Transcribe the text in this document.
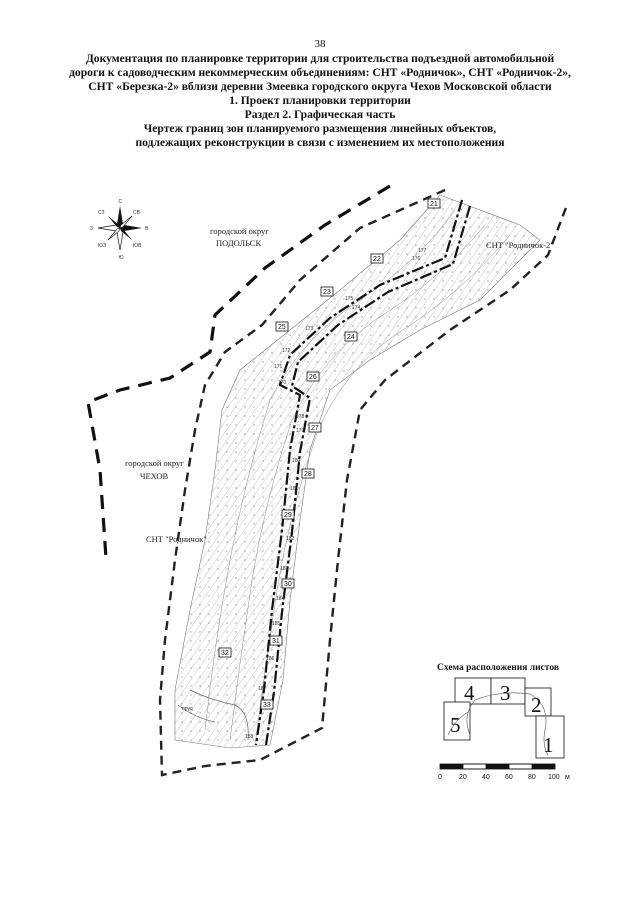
38
Документация по планировке территории для строительства подъездной автомобильной
дороги к садоводческим некоммерческим объединениям: СНТ «Родничок», СНТ «Родничок-2»,
СНТ «Березка-2» вблизи деревни Змеевка городского округа Чехов Московской области
1. Проект планировки территории
Раздел 2. Графическая часть
Чертеж границ зон планируемого размещения линейных объектов,
подлежащих реконструкции в связи с изменением их местоположения
21
22
23
24
25
26
27
28
29
30
31
32
33
177
176
175
174
173
172
171
170
178
179
180
181
182
183
184
185
186
187
188
городской округ
ПОДОЛЬСК
городской округ
ЧЕХОВ
СНТ "Родничок"
СНТ "Родничок-2"
пруд
С
Ю
З	В
СЗ	СВ
ЮЗ	ЮВ
Схема расположения листов
4 3 2
5
1
0 20 40 60 80 100 м
